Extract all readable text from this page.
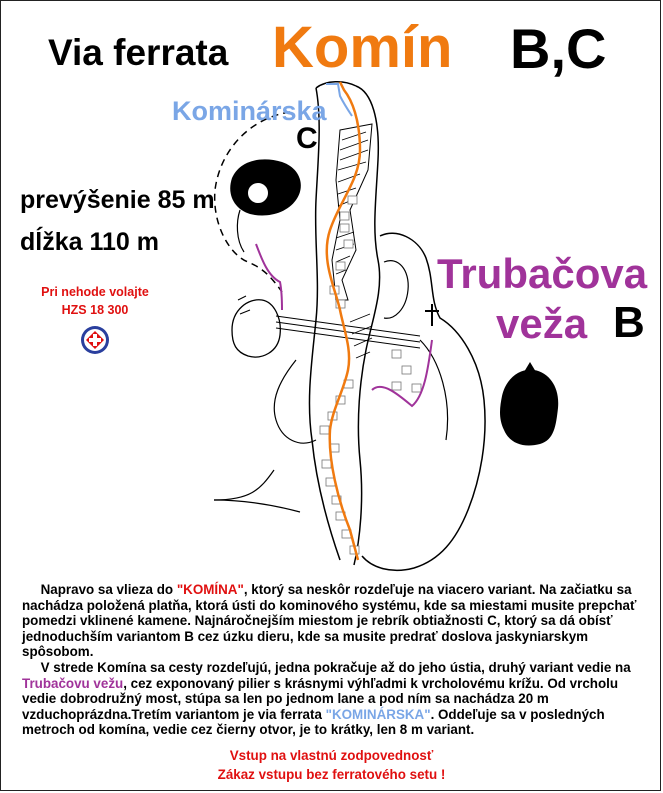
Via ferrata Komín B,C
Kominárska
C
prevýšenie 85 m
dĺžka 110 m
Pri nehode volajte
HZS 18 300
Trubačova
veža B

Napravo sa vlieza do "KOMÍNA", ktorý sa neskôr rozdeľuje na viacero variant. Na začiatku sa nachádza položená platňa, ktorá ústi do kominového systému, kde sa miestami musite prepchať pomedzi vklinené kamene. Najnáročnejším miestom je rebrík obtiažnosti C, ktorý sa dá obísť jednoduchším variantom B cez úzku dieru, kde sa musite predrať doslova jaskyniarskym spôsobom.

V strede Komína sa cesty rozdeľujú, jedna pokračuje až do jeho ústia, druhý variant vedie na Trubačovu vežu, cez exponovaný pilier s krásnymi výhľadmi k vrcholovému krížu. Od vrcholu vedie dobrodružný most, stúpa sa len po jednom lane a pod ním sa nachádza 20 m vzduchoprázdna.Tretím variantom je via ferrata "KOMINÁRSKA". Oddeľuje sa v posledných metroch od komína, vedie cez čierny otvor, je to krátky, len 8 m variant.

Vstup na vlastnú zodpovednosť
Zákaz vstupu bez ferratového setu !
